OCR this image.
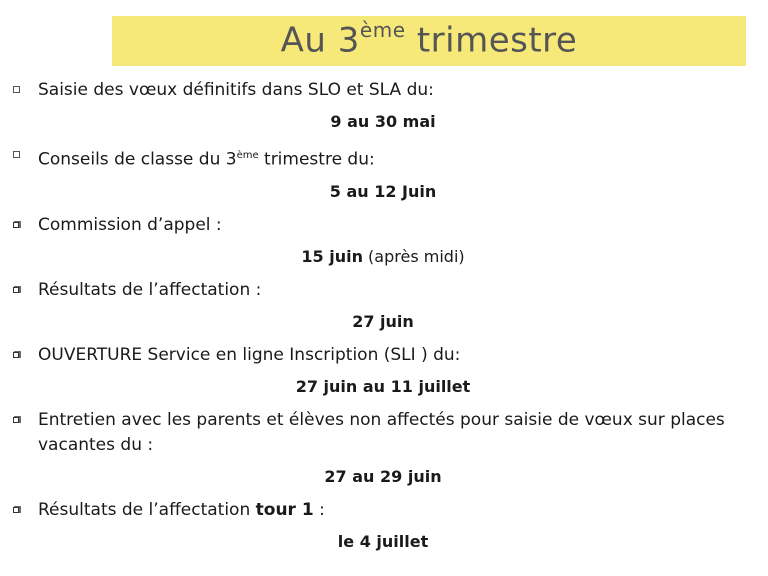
Au 3ème trimestre
Saisie des vœux définitifs dans SLO et SLA du:
9 au 30 mai
Conseils de classe du 3ème trimestre du:
5 au 12 Juin
Commission d’appel :
15 juin (après midi)
Résultats de l’affectation :
27 juin
OUVERTURE Service en ligne Inscription (SLI ) du:
27 juin au 11 juillet
Entretien avec les parents et élèves non affectés pour saisie de vœux sur places vacantes du :
27 au 29 juin
Résultats de l’affectation tour 1 :
le 4 juillet
